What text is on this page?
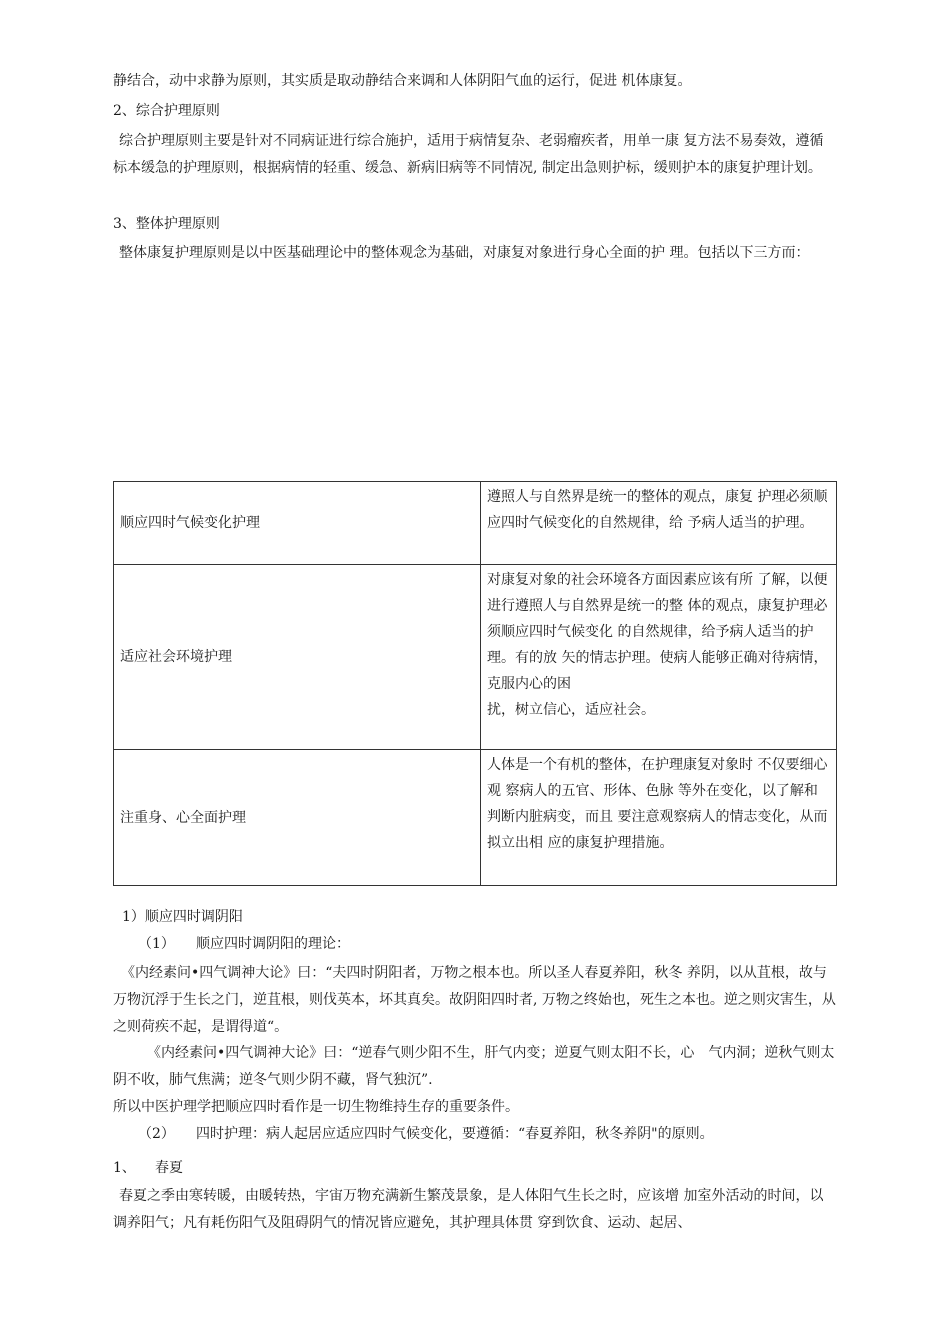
静结合，动中求静为原则，其实质是取动静结合来调和人体阴阳气血的运行，促进 机体康复。

2、综合护理原则

综合护理原则主要是针对不同病证进行综合施护，适用于病情复杂、老弱瘤疾者，用单一康 复方法不易奏效，遵循标本缓急的护理原则，根据病情的轻重、缓急、新病旧病等不同情况, 制定出急则护标，缓则护本的康复护理计划。

3、整体护理原则

整体康复护理原则是以中医基础理论中的整体观念为基础，对康复对象进行身心全面的护 理。包括以下三方而：

顺应四时气候变化护理	遵照人与自然界是统一的整体的观点，康复 护理必须顺应四时气候变化的自然规律，给 予病人适当的护理。
适应社会环境护理	对康复对象的社会环境各方面因素应该有所 了解，以便进行遵照人与自然界是统一的整 体的观点，康复护理必须顺应四时气候变化 的自然规律，给予病人适当的护理。有的放 矢的情志护理。使病人能够正确对待病情，　克服内心的困
扰，树立信心，适应社会。

注重身、心全面护理	人体是一个有机的整体，在护理康复对象时 不仅要细心观 察病人的五官、形体、色脉 等外在变化，以了解和判断内脏病变，而且 要注意观察病人的情志变化，从而拟立出相 应的康复护理措施。

1）顺应四时调阴阳

（1） 顺应四时调阴阳的理论：

《内经素问•四气调神大论》曰：“夫四时阴阳者，万物之根本也。所以圣人春夏养阳，秋冬 养阴，以从苴根，故与万物沉浮于生长之门，逆苴根，则伐英本，坏其真矣。故阴阳四时者, 万物之终始也，死生之本也。逆之则灾害生，从之则荷疾不起，是谓得道“。

《内经素问•四气调神大论》曰：“逆春气则少阳不生，肝气内变；逆夏气则太阳不长，心　气内洞；逆秋气则太阴不收，肺气焦满；逆冬气则少阴不藏，肾气独沉”.

所以中医护理学把顺应四时看作是一切生物维持生存的重要条件。

（2） 四时护理：病人起居应适应四时气候变化，要遵循：“春夏养阳，秋冬养阴"的原则。

1、 春夏

春夏之季由寒转暖，由暖转热，宇宙万物充满新生繁茂景象，是人体阳气生长之时，应该增 加室外活动的时间，以调养阳气；凡有耗伤阳气及阻碍阴气的情况皆应避免，其护理具体贯 穿到饮食、运动、起居、
